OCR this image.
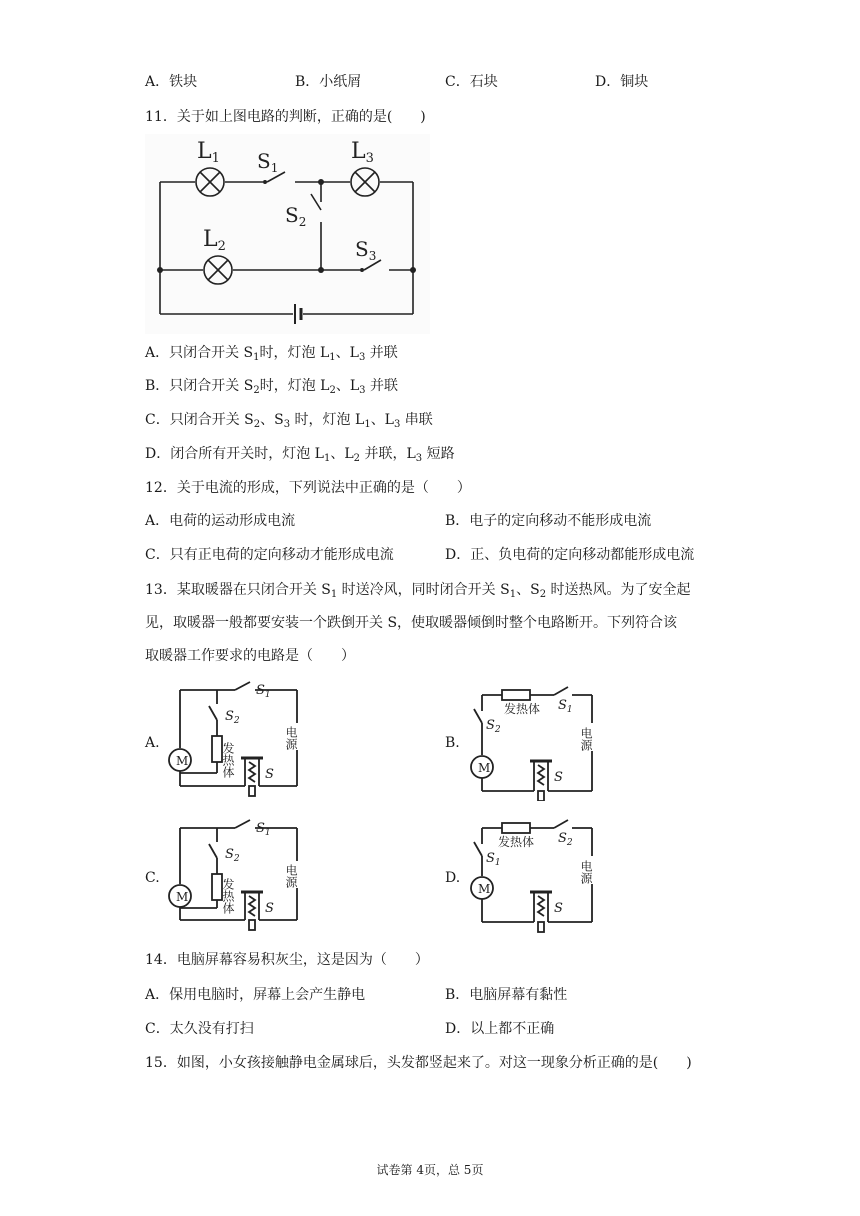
A．铁块	B．小纸屑	C．石块	D．铜块
11．关于如上图电路的判断，正确的是(　　)
L1 $S_1$
L3
$S_2$
L2	$S_3$
A．只闭合开关 $S_1$时，灯泡 $L_1$、$L_3$ 并联
B．只闭合开关 $S_2$时，灯泡 $L_2$、$L_3$ 并联
C．只闭合开关 $S_2$、$S_3$ 时，灯泡 $L_1$、$L_3$ 串联
D．闭合所有开关时，灯泡 $L_1$、$L_2$ 并联，$L_3$ 短路
12．关于电流的形成，下列说法中正确的是（　　）
A．电荷的运动形成电流	B．电子的定向移动不能形成电流
C．只有正电荷的定向移动才能形成电流	D．正、负电荷的定向移动都能形成电流
13．某取暖器在只闭合开关 $S_1$ 时送冷风，同时闭合开关 $S_1$、$S_2$ 时送热风。为了安全起
见，取暖器一般都要安装一个跌倒开关 S，使取暖器倾倒时整个电路断开。下列符合该
取暖器工作要求的电路是（　　）
A.	B.
C.	D.
M
$S_1$
$S_2$
S
发热体
电源
M
发热体 $S_1$
$S_2$
S
电源
M
$S_1$
$S_2$
S
发热体
电源
M
发热体 $S_2$
$S_1$
S
电源
14．电脑屏幕容易积灰尘，这是因为（　　）
A．保用电脑时，屏幕上会产生静电	B．电脑屏幕有黏性
C．太久没有打扫	D．以上都不正确
15．如图，小女孩接触静电金属球后，头发都竖起来了。对这一现象分析正确的是(　　)
试卷第 4页，总 5页
